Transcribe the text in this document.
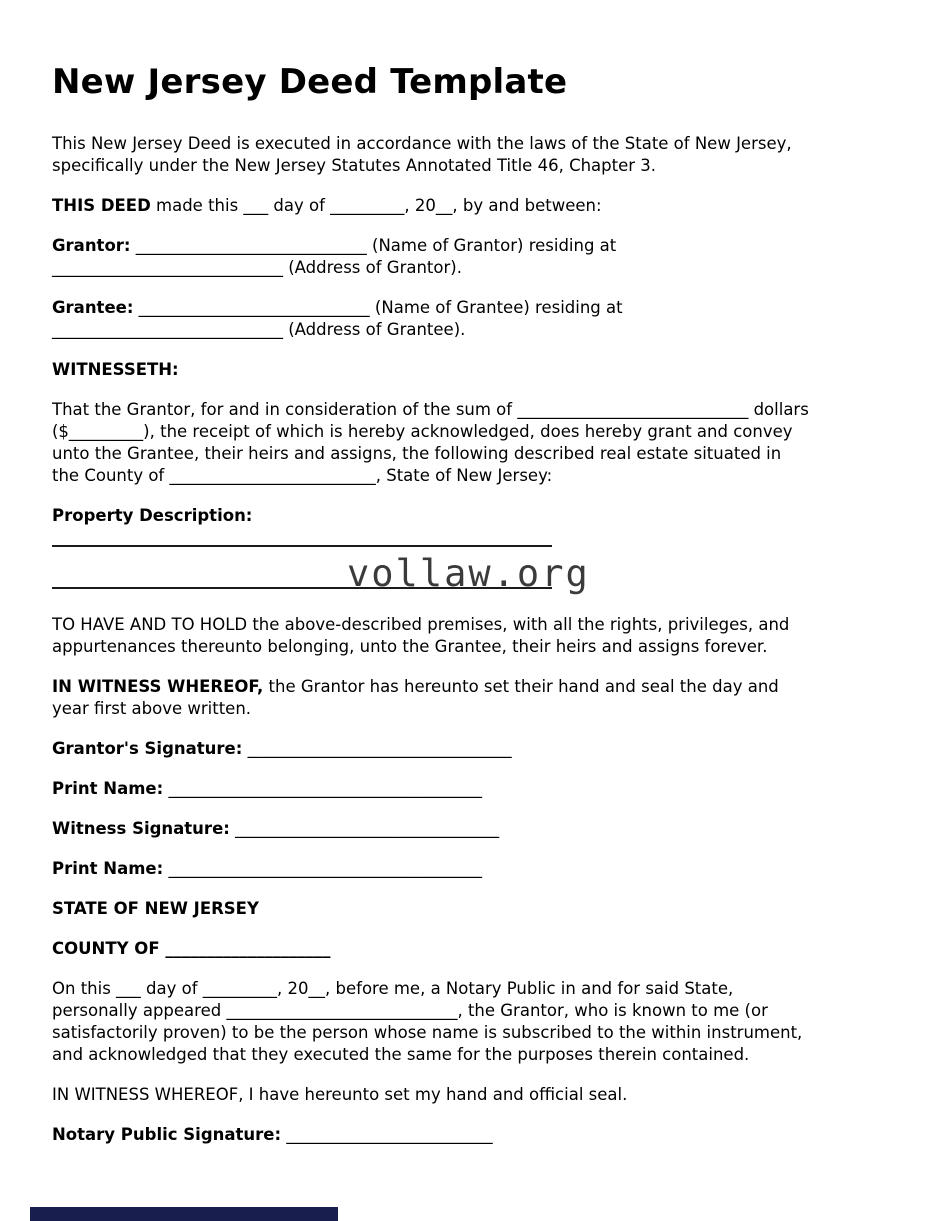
New Jersey Deed Template

This New Jersey Deed is executed in accordance with the laws of the State of New Jersey,
specifically under the New Jersey Statutes Annotated Title 46, Chapter 3.

THIS DEED made this ___ day of _________, 20__, by and between:

Grantor: ____________________________ (Name of Grantor) residing at
____________________________ (Address of Grantor).

Grantee: ____________________________ (Name of Grantee) residing at
____________________________ (Address of Grantee).

WITNESSETH:

That the Grantor, for and in consideration of the sum of ____________________________ dollars
($_________), the receipt of which is hereby acknowledged, does hereby grant and convey
unto the Grantee, their heirs and assigns, the following described real estate situated in
the County of _________________________, State of New Jersey:

Property Description:

vollaw.org

TO HAVE AND TO HOLD the above-described premises, with all the rights, privileges, and
appurtenances thereunto belonging, unto the Grantee, their heirs and assigns forever.

IN WITNESS WHEREOF, the Grantor has hereunto set their hand and seal the day and
year first above written.

Grantor's Signature: ________________________________

Print Name: ______________________________________

Witness Signature: ________________________________

Print Name: ______________________________________

STATE OF NEW JERSEY

COUNTY OF ____________________

On this ___ day of _________, 20__, before me, a Notary Public in and for said State,
personally appeared ____________________________, the Grantor, who is known to me (or
satisfactorily proven) to be the person whose name is subscribed to the within instrument,
and acknowledged that they executed the same for the purposes therein contained.

IN WITNESS WHEREOF, I have hereunto set my hand and official seal.

Notary Public Signature: _________________________
